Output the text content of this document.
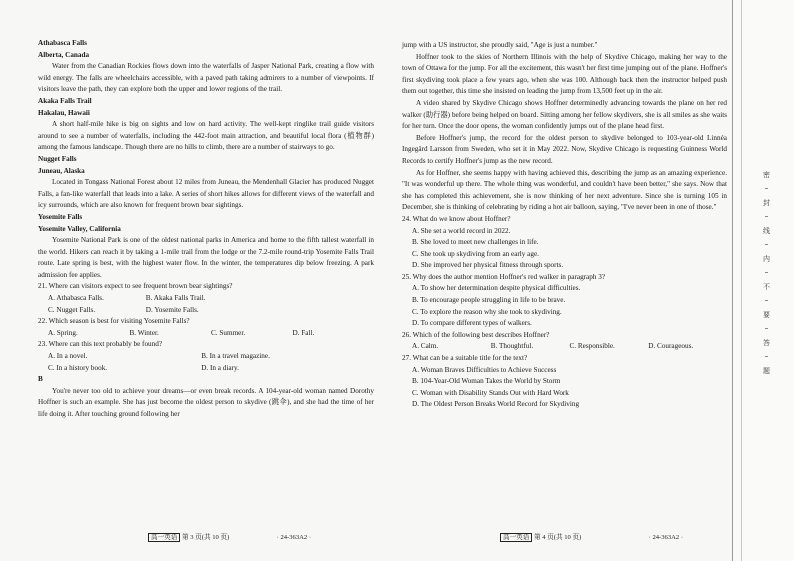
Athabasca Falls

Alberta, Canada

Water from the Canadian Rockies flows down into the waterfalls of Jasper National Park, creating a flow with wild energy. The falls are wheelchairs accessible, with a paved path taking admirers to a number of viewpoints. If visitors leave the path, they can explore both the upper and lower regions of the trail.

Akaka Falls Trail

Hakalau, Hawaii

A short half-mile hike is big on sights and low on hard activity. The well-kept ringlike trail guide visitors around to see a number of waterfalls, including the 442-foot main attraction, and beautiful local flora (植物群) among the famous landscape. Though there are no hills to climb, there are a number of stairways to go.

Nugget Falls

Juneau, Alaska

Located in Tongass National Forest about 12 miles from Juneau, the Mendenhall Glacier has produced Nugget Falls, a fan-like waterfall that leads into a lake. A series of short hikes allows for different views of the waterfall and icy surrounds, which are also known for frequent brown bear sightings.

Yosemite Falls

Yosemite Valley, California

Yosemite National Park is one of the oldest national parks in America and home to the fifth tallest waterfall in the world. Hikers can reach it by taking a 1-mile trail from the lodge or the 7.2-mile round-trip Yosemite Falls Trail route. Late spring is best, with the highest water flow. In the winter, the temperatures dip below freezing. A park admission fee applies.

21. Where can visitors expect to see frequent brown bear sightings?

A. Athabasca Falls.	B. Akaka Falls Trail.
C. Nugget Falls.	D. Yosemite Falls.

22. Which season is best for visiting Yosemite Falls?

A. Spring.	B. Winter.	C. Summer.	D. Fall.

23. Where can this text probably be found?

A. In a novel.	B. In a travel magazine.
C. In a history book.	D. In a diary.

B

You're never too old to achieve your dreams—or even break records. A 104-year-old woman named Dorothy Hoffner is such an example. She has just become the oldest person to skydive (跳伞), and she had the time of her life doing it. After touching ground following her

高一英语 第 3 页(共 10 页)	· 24-363A2 ·

jump with a US instructor, she proudly said, "Age is just a number."

Hoffner took to the skies of Northern Illinois with the help of Skydive Chicago, making her way to the town of Ottawa for the jump. For all the excitement, this wasn't her first time jumping out of the plane. Hoffner's first skydiving took place a few years ago, when she was 100. Although back then the instructor helped push them out together, this time she insisted on leading the jump from 13,500 feet up in the air.

A video shared by Skydive Chicago shows Hoffner determinedly advancing towards the plane on her red walker (助行器) before being helped on board. Sitting among her fellow skydivers, she is all smiles as she waits for her turn. Once the door opens, the woman confidently jumps out of the plane head first.

Before Hoffner's jump, the record for the oldest person to skydive belonged to 103-year-old Linnéa Ingegärd Larsson from Sweden, who set it in May 2022. Now, Skydive Chicago is requesting Guinness World Records to certify Hoffner's jump as the new record.

As for Hoffner, she seems happy with having achieved this, describing the jump as an amazing experience. "It was wonderful up there. The whole thing was wonderful, and couldn't have been better," she says. Now that she has completed this achievement, she is now thinking of her next adventure. Since she is turning 105 in December, she is thinking of celebrating by riding a hot air balloon, saying, "I've never been in one of those."

24. What do we know about Hoffner?

A. She set a world record in 2022.

B. She loved to meet new challenges in life.

C. She took up skydiving from an early age.

D. She improved her physical fitness through sports.

25. Why does the author mention Hoffner's red walker in paragraph 3?

A. To show her determination despite physical difficulties.

B. To encourage people struggling in life to be brave.

C. To explore the reason why she took to skydiving.

D. To compare different types of walkers.

26. Which of the following best describes Hoffner?

A. Calm.	B. Thoughtful.	C. Responsible.	D. Courageous.

27. What can be a suitable title for the text?

A. Woman Braves Difficulties to Achieve Success

B. 104-Year-Old Woman Takes the World by Storm

C. Woman with Disability Stands Out with Hard Work

D. The Oldest Person Breaks World Record for Skydiving

高一英语 第 4 页(共 10 页)	· 24-363A2 ·
密
封
线
内
不
要
答
题
